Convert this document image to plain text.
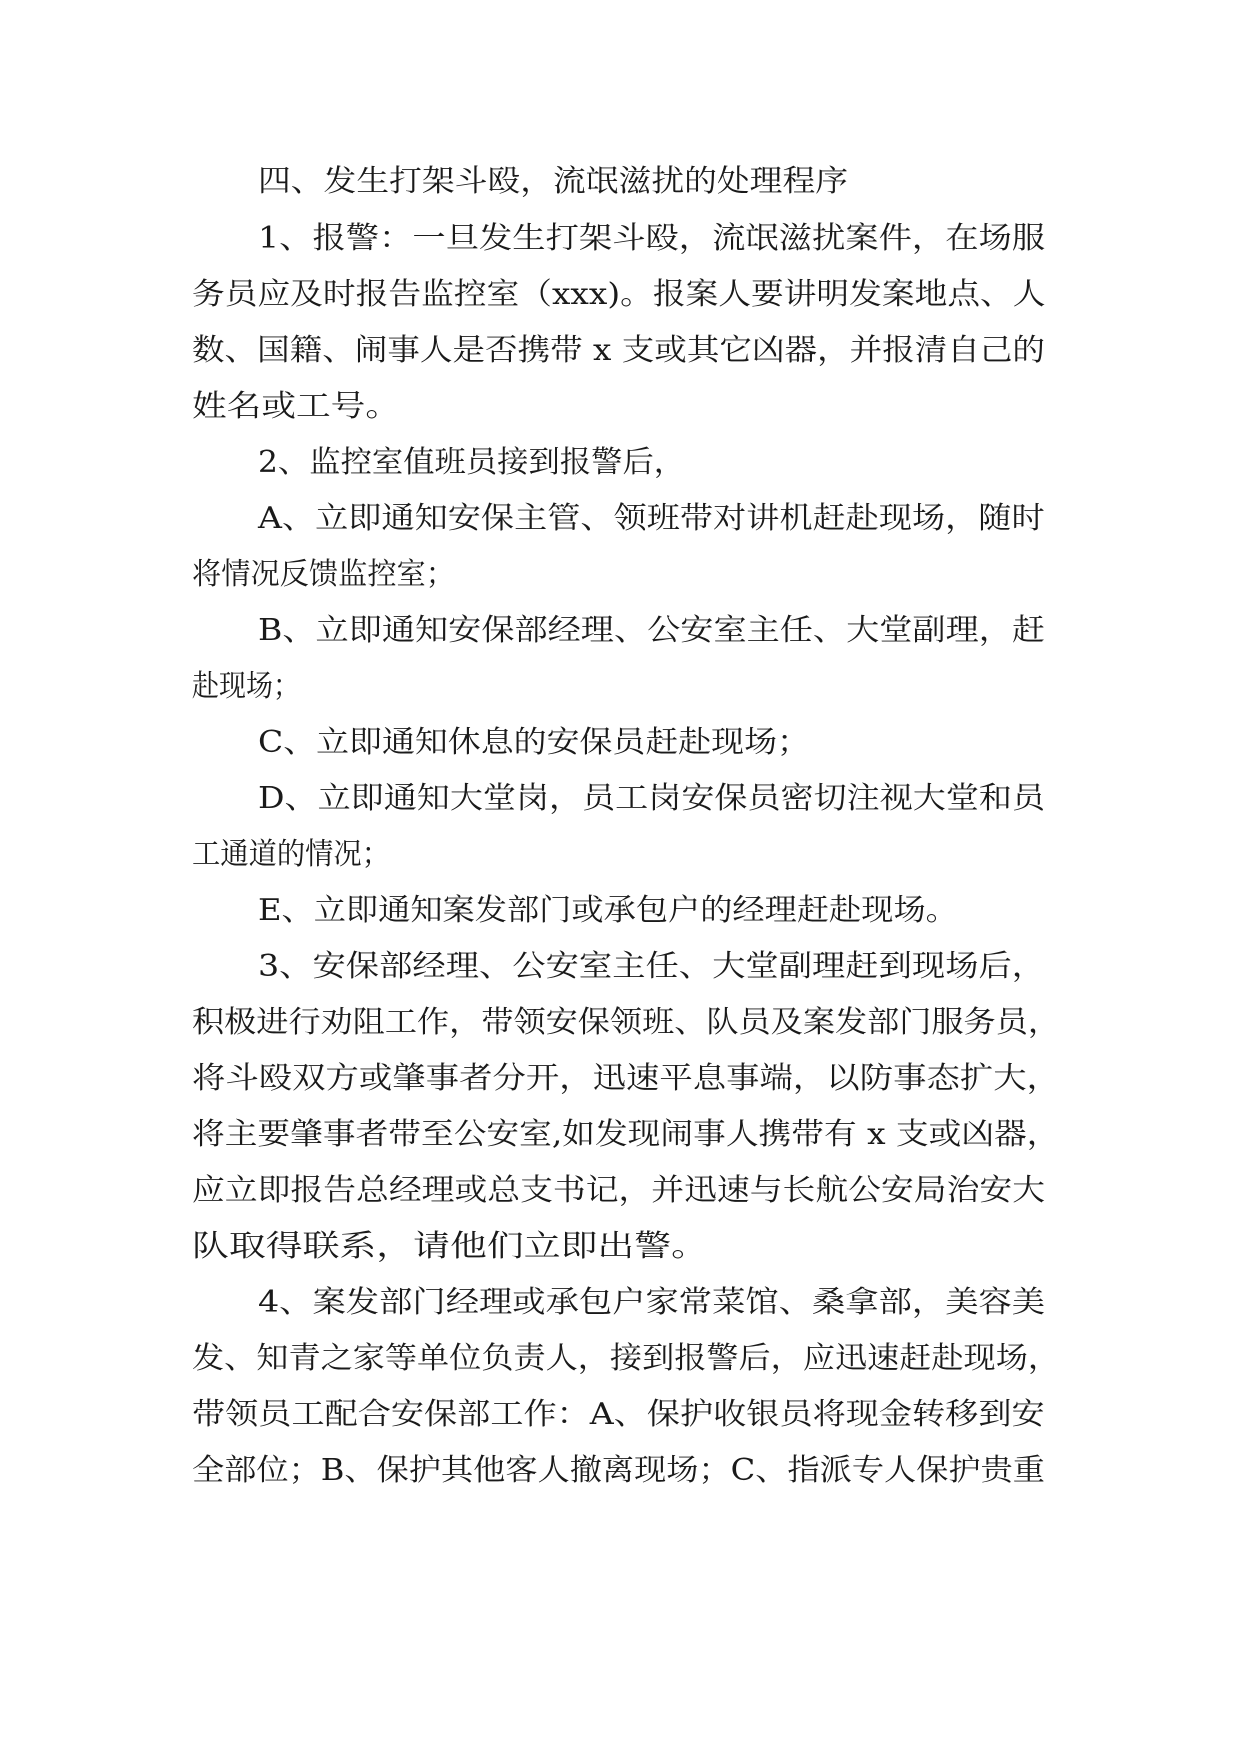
四、发生打架斗殴，流氓滋扰的处理程序
1、报警：一旦发生打架斗殴，流氓滋扰案件，在场服
务员应及时报告监控室（xxx)。报案人要讲明发案地点、人
数、国籍、闹事人是否携带 x 支或其它凶器，并报清自己的
姓名或工号。
2、监控室值班员接到报警后，
A、立即通知安保主管、领班带对讲机赶赴现场，随时
将情况反馈监控室；
B、立即通知安保部经理、公安室主任、大堂副理，赶
赴现场；
C、立即通知休息的安保员赶赴现场；
D、立即通知大堂岗，员工岗安保员密切注视大堂和员
工通道的情况；
E、立即通知案发部门或承包户的经理赶赴现场。
3、安保部经理、公安室主任、大堂副理赶到现场后，
积极进行劝阻工作，带领安保领班、队员及案发部门服务员，
将斗殴双方或肇事者分开，迅速平息事端，以防事态扩大，
将主要肇事者带至公安室,如发现闹事人携带有 x 支或凶器，
应立即报告总经理或总支书记，并迅速与长航公安局治安大
队取得联系，请他们立即出警。
4、案发部门经理或承包户家常菜馆、桑拿部，美容美
发、知青之家等单位负责人，接到报警后，应迅速赶赴现场，
带领员工配合安保部工作：A、保护收银员将现金转移到安
全部位；B、保护其他客人撤离现场；C、指派专人保护贵重
